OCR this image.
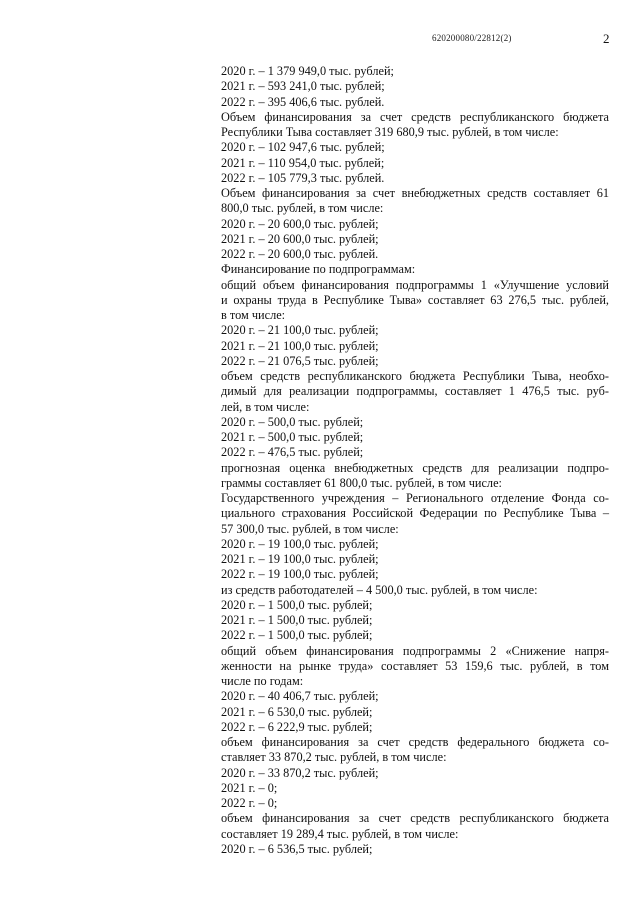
620200080/22812(2)	2
2020 г. – 1 379 949,0 тыс. рублей;
2021 г. – 593 241,0 тыс. рублей;
2022 г. – 395 406,6 тыс. рублей.
Объем финансирования за счет средств республиканского бюджета
Республики Тыва составляет 319 680,9 тыс. рублей, в том числе:
2020 г. – 102 947,6 тыс. рублей;
2021 г. – 110 954,0 тыс. рублей;
2022 г. – 105 779,3 тыс. рублей.
Объем финансирования за счет внебюджетных средств составляет 61
800,0 тыс. рублей, в том числе:
2020 г. – 20 600,0 тыс. рублей;
2021 г. – 20 600,0 тыс. рублей;
2022 г. – 20 600,0 тыс. рублей.
Финансирование по подпрограммам:
общий объем финансирования подпрограммы 1 «Улучшение условий
и охраны труда в Республике Тыва» составляет 63 276,5 тыс. рублей,
в том числе:
2020 г. – 21 100,0 тыс. рублей;
2021 г. – 21 100,0 тыс. рублей;
2022 г. – 21 076,5 тыс. рублей;
объем средств республиканского бюджета Республики Тыва, необхо-
димый для реализации подпрограммы, составляет 1 476,5 тыс. руб-
лей, в том числе:
2020 г. – 500,0 тыс. рублей;
2021 г. – 500,0 тыс. рублей;
2022 г. – 476,5 тыс. рублей;
прогнозная оценка внебюджетных средств для реализации подпро-
граммы составляет 61 800,0 тыс. рублей, в том числе:
Государственного учреждения – Регионального отделение Фонда со-
циального страхования Российской Федерации по Республике Тыва –
57 300,0 тыс. рублей, в том числе:
2020 г. – 19 100,0 тыс. рублей;
2021 г. – 19 100,0 тыс. рублей;
2022 г. – 19 100,0 тыс. рублей;
из средств работодателей – 4 500,0 тыс. рублей, в том числе:
2020 г. – 1 500,0 тыс. рублей;
2021 г. – 1 500,0 тыс. рублей;
2022 г. – 1 500,0 тыс. рублей;
общий объем финансирования подпрограммы 2 «Снижение напря-
женности на рынке труда» составляет 53 159,6 тыс. рублей, в том
числе по годам:
2020 г. – 40 406,7 тыс. рублей;
2021 г. – 6 530,0 тыс. рублей;
2022 г. – 6 222,9 тыс. рублей;
объем финансирования за счет средств федерального бюджета со-
ставляет 33 870,2 тыс. рублей, в том числе:
2020 г. – 33 870,2 тыс. рублей;
2021 г. – 0;
2022 г. – 0;
объем финансирования за счет средств республиканского бюджета
составляет 19 289,4 тыс. рублей, в том числе:
2020 г. – 6 536,5 тыс. рублей;
